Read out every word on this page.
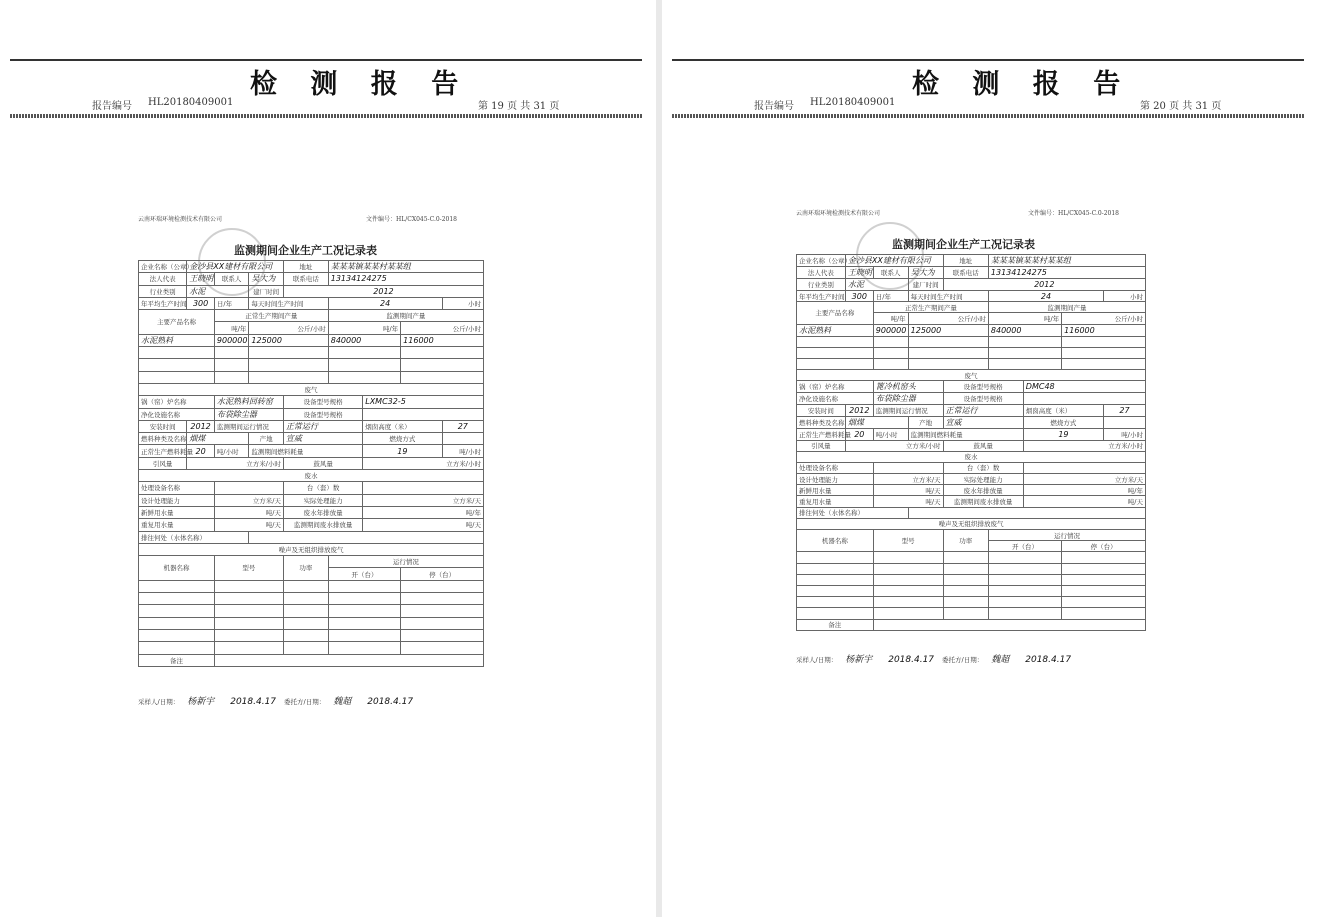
检 测 报 告
报告编号 HL20180409001	第 19 页 共 31 页
云南环瑞环境检测技术有限公司	文件编号：HL/CX045-C.0-2018
监测期间企业生产工况记录表
企业名称（公章）	金沙县XX建材有限公司			地址	某某某镇某某村某某组			
法人代表	王晓明	联系人	吴大为	联系电话	13134124275			
行业类别	水泥		建厂时间	2012				
年平均生产时间	300	日/年	每天时间生产时间		24			小时
主要产品名称		正常生产期间产量			监测期间产量			
		吨/年	公斤/小时		吨/年		公斤/小时	
水泥熟料		900000	125000		840000		116000	

废气								
锅（窑）炉名称		水泥熟料回转窑		设备型号规格		LXMC32-5		
净化设施名称		布袋除尘器		设备型号规格				
安装时间	2012	监测期间运行情况		正常运行		烟囱高度（米）		27
燃料种类及名称	烟煤		产地	宣威		燃烧方式		
正常生产燃料耗量	20	吨/小时	监测期间燃料耗量			19		吨/小时
引风量	立方米/小时			鼓风量		立方米/小时		
废水								
处理设备名称				台（套）数				
设计处理能力		立方米/天		实际处理能力		立方米/天		
新鲜用水量		吨/天		废水年排放量		吨/年		
重复用水量		吨/天		监测期间废水排放量		吨/天		
排往何处（水体名称）								
噪声及无组织排放废气								
机器名称		型号		功率	运行情况			
					开（台）		停（台）	

备注								
采样人/日期： 杨新宇 2018.4.17 委托方/日期： 魏超 2018.4.17
检 测 报 告
报告编号 HL20180409001	第 20 页 共 31 页
云南环瑞环境检测技术有限公司	文件编号：HL/CX045-C.0-2018
监测期间企业生产工况记录表
企业名称（公章）	金沙县XX建材有限公司			地址	某某某镇某某村某某组			
法人代表	王晓明	联系人	吴大为	联系电话	13134124275			
行业类别	水泥		建厂时间	2012				
年平均生产时间	300	日/年	每天时间生产时间		24			小时
主要产品名称		正常生产期间产量			监测期间产量			
		吨/年	公斤/小时		吨/年		公斤/小时	
水泥熟料		900000	125000		840000		116000	

废气								
锅（窑）炉名称		篦冷机窑头		设备型号规格		DMC48		
净化设施名称		布袋除尘器		设备型号规格				
安装时间	2012	监测期间运行情况		正常运行		烟囱高度（米）		27
燃料种类及名称	烟煤		产地	宣威		燃烧方式		
正常生产燃料耗量	20	吨/小时	监测期间燃料耗量			19		吨/小时
引风量	立方米/小时			鼓风量		立方米/小时		
废水								
处理设备名称				台（套）数				
设计处理能力		立方米/天		实际处理能力		立方米/天		
新鲜用水量		吨/天		废水年排放量		吨/年		
重复用水量		吨/天		监测期间废水排放量		吨/天		
排往何处（水体名称）								
噪声及无组织排放废气								
机器名称		型号		功率	运行情况			
					开（台）		停（台）	

备注								
采样人/日期： 杨新宇 2018.4.17 委托方/日期： 魏超 2018.4.17
